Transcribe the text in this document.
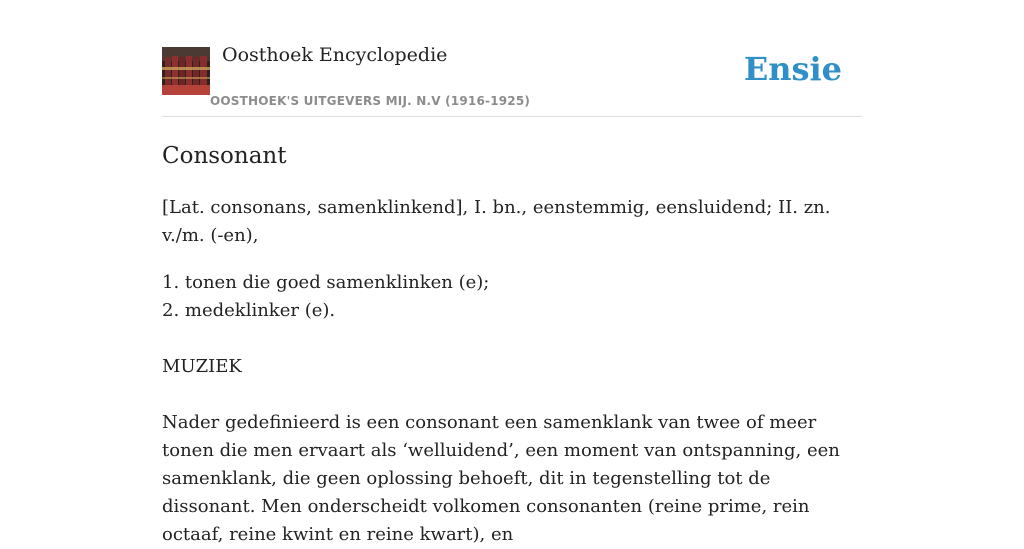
Oosthoek Encyclopedie
OOSTHOEK'S UITGEVERS MIJ. N.V (1916-1925)
Ensie
Consonant
[Lat. consonans, samenklinkend], I. bn., eenstemmig, eensluidend; II. zn. v./m. (-en),

1. tonen die goed samenklinken (e);

2. medeklinker (e).

MUZIEK
Nader gedefinieerd is een consonant een samenklank van twee of meer tonen die men ervaart als ‘welluidend’, een moment van ontspanning, een samenklank, die geen oplossing behoeft, dit in tegenstelling tot de dissonant. Men onderscheidt volkomen consonanten (reine prime, rein octaaf, reine kwint en reine kwart), en
